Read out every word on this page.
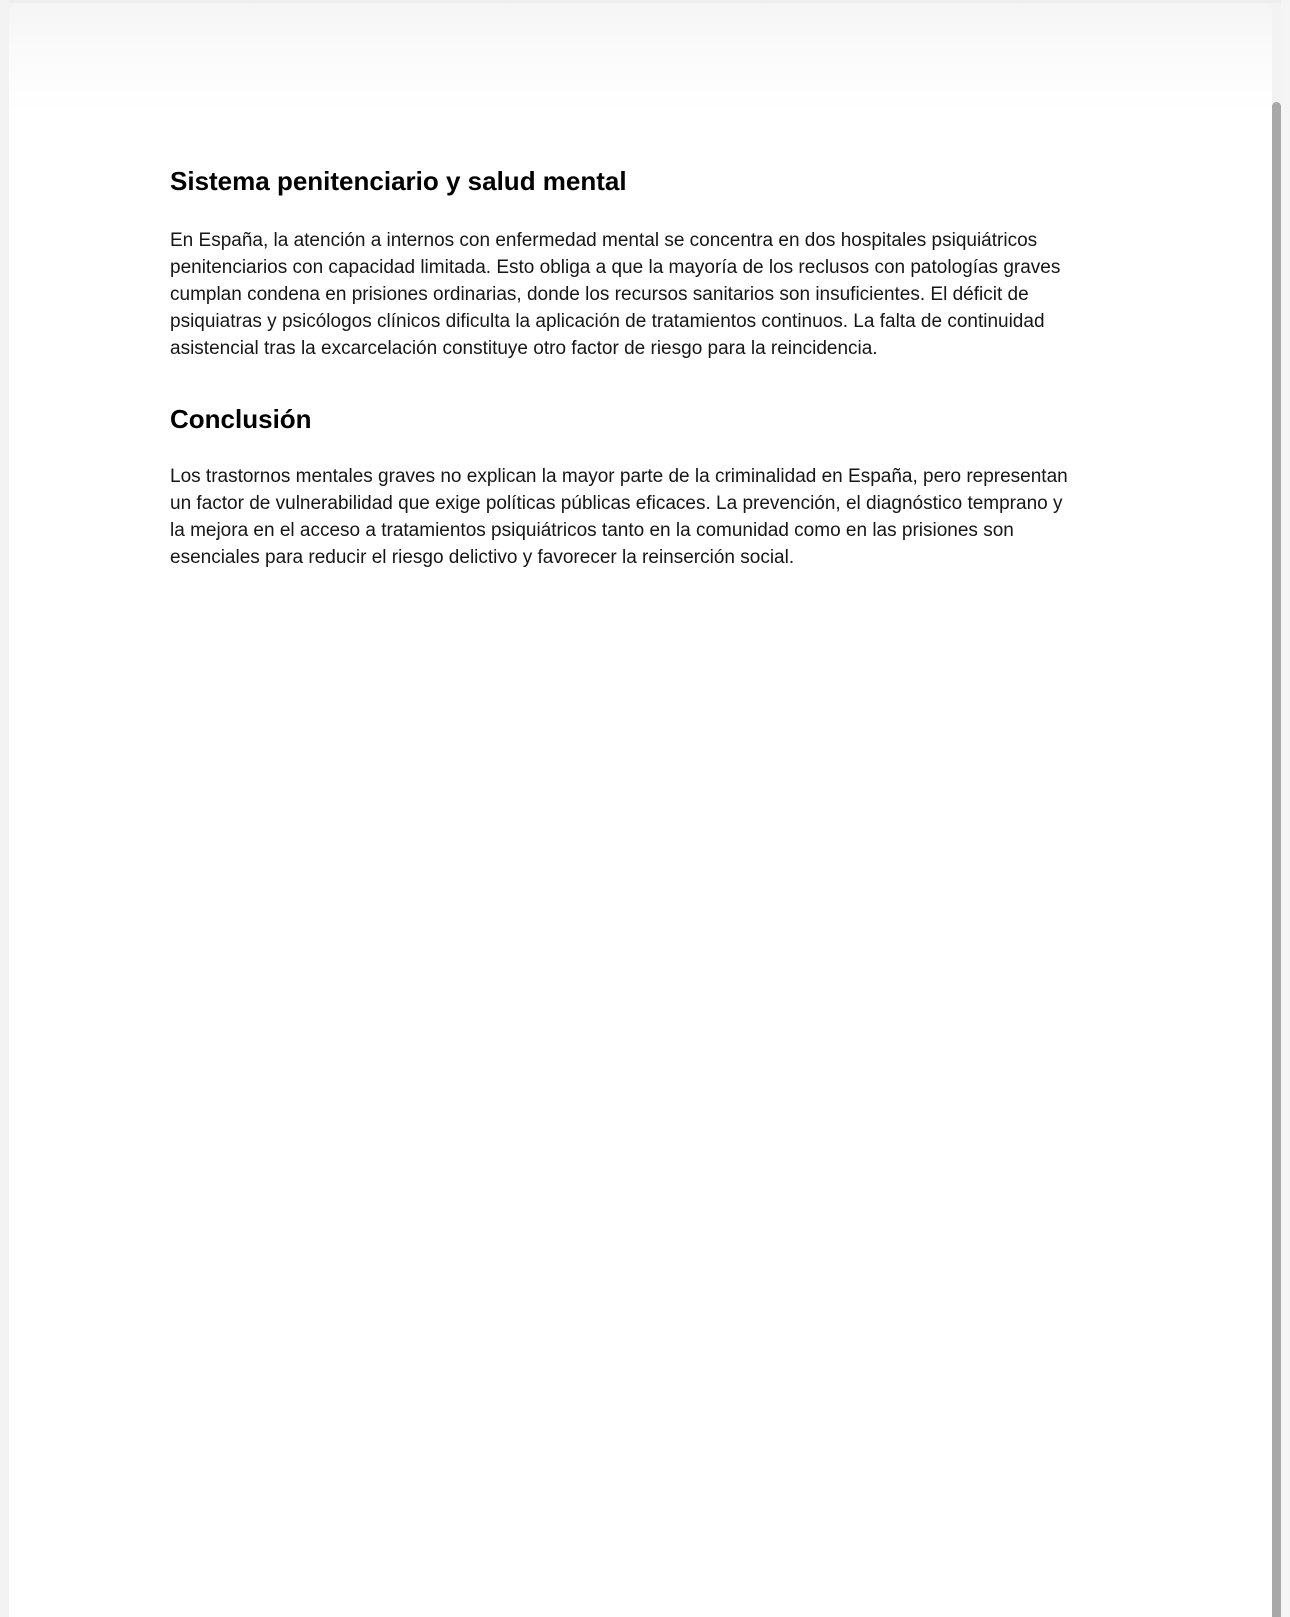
Sistema penitenciario y salud mental

En España, la atención a internos con enfermedad mental se concentra en dos hospitales psiquiátricos penitenciarios con capacidad limitada. Esto obliga a que la mayoría de los reclusos con patologías graves cumplan condena en prisiones ordinarias, donde los recursos sanitarios son insuficientes. El déficit de psiquiatras y psicólogos clínicos dificulta la aplicación de tratamientos continuos. La falta de continuidad asistencial tras la excarcelación constituye otro factor de riesgo para la reincidencia.

Conclusión

Los trastornos mentales graves no explican la mayor parte de la criminalidad en España, pero representan un factor de vulnerabilidad que exige políticas públicas eficaces. La prevención, el diagnóstico temprano y la mejora en el acceso a tratamientos psiquiátricos tanto en la comunidad como en las prisiones son esenciales para reducir el riesgo delictivo y favorecer la reinserción social.
